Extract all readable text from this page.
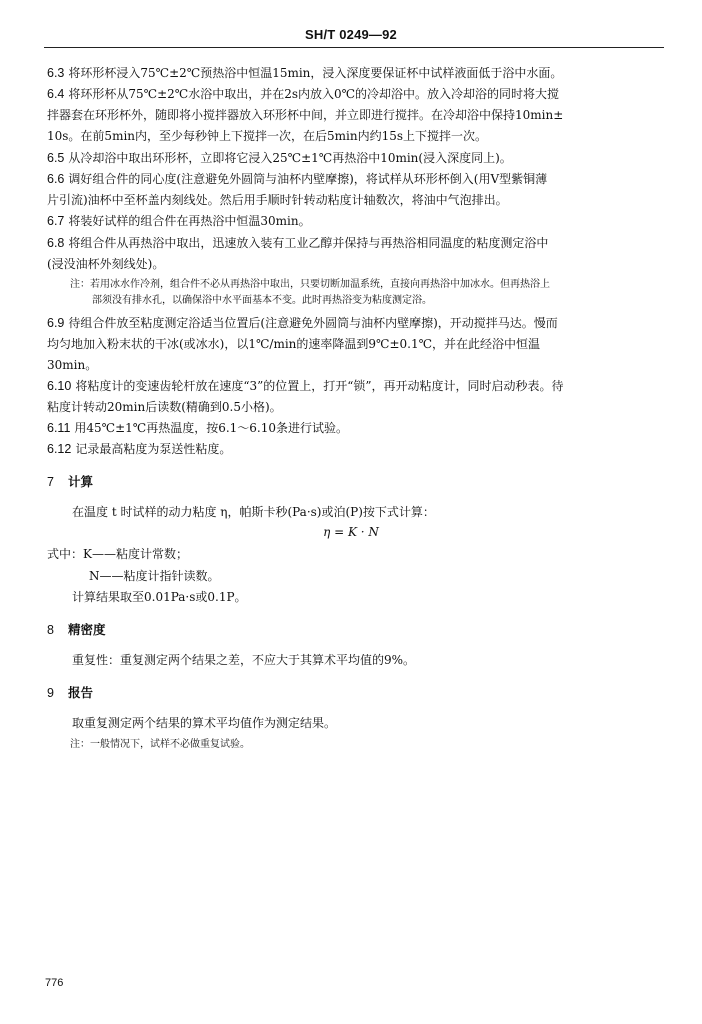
SH/T 0249—92
6.3 将环形杯浸入75℃±2℃预热浴中恒温15min，浸入深度要保证杯中试样液面低于浴中水面。
6.4 将环形杯从75℃±2℃水浴中取出，并在2s内放入0℃的冷却浴中。放入冷却浴的同时将大搅
拌器套在环形杯外，随即将小搅拌器放入环形杯中间，并立即进行搅拌。在冷却浴中保持10min±
10s。在前5min内，至少每秒钟上下搅拌一次，在后5min内约15s上下搅拌一次。
6.5 从冷却浴中取出环形杯，立即将它浸入25℃±1℃再热浴中10min(浸入深度同上)。
6.6 调好组合件的同心度(注意避免外圆筒与油杯内壁摩擦)，将试样从环形杯倒入(用V型紫铜薄
片引流)油杯中至杯盖内刻线处。然后用手顺时针转动粘度计轴数次，将油中气泡排出。
6.7 将装好试样的组合件在再热浴中恒温30min。
6.8 将组合件从再热浴中取出，迅速放入装有工业乙醇并保持与再热浴相同温度的粘度测定浴中
(浸没油杯外刻线处)。
注：若用冰水作冷剂，组合件不必从再热浴中取出，只要切断加温系统，直接向再热浴中加冰水。但再热浴上
部须没有排水孔，以确保浴中水平面基本不变。此时再热浴变为粘度测定浴。
6.9 待组合件放至粘度测定浴适当位置后(注意避免外圆筒与油杯内壁摩擦)，开动搅拌马达。慢而
均匀地加入粉末状的干冰(或冰水)，以1℃/min的速率降温到9℃±0.1℃，并在此经浴中恒温
30min。
6.10 将粘度计的变速齿轮杆放在速度“3”的位置上，打开“锁”，再开动粘度计，同时启动秒表。待
粘度计转动20min后读数(精确到0.5小格)。
6.11 用45℃±1℃再热温度，按6.1～6.10条进行试验。
6.12 记录最高粘度为泵送性粘度。
7 计算
在温度 t 时试样的动力粘度 η，帕斯卡秒(Pa·s)或泊(P)按下式计算：
η = K · N
式中：K——粘度计常数；
N——粘度计指针读数。
计算结果取至0.01Pa·s或0.1P。
8 精密度
重复性：重复测定两个结果之差，不应大于其算术平均值的9%。
9 报告
取重复测定两个结果的算术平均值作为测定结果。
注：一般情况下，试样不必做重复试验。
776
